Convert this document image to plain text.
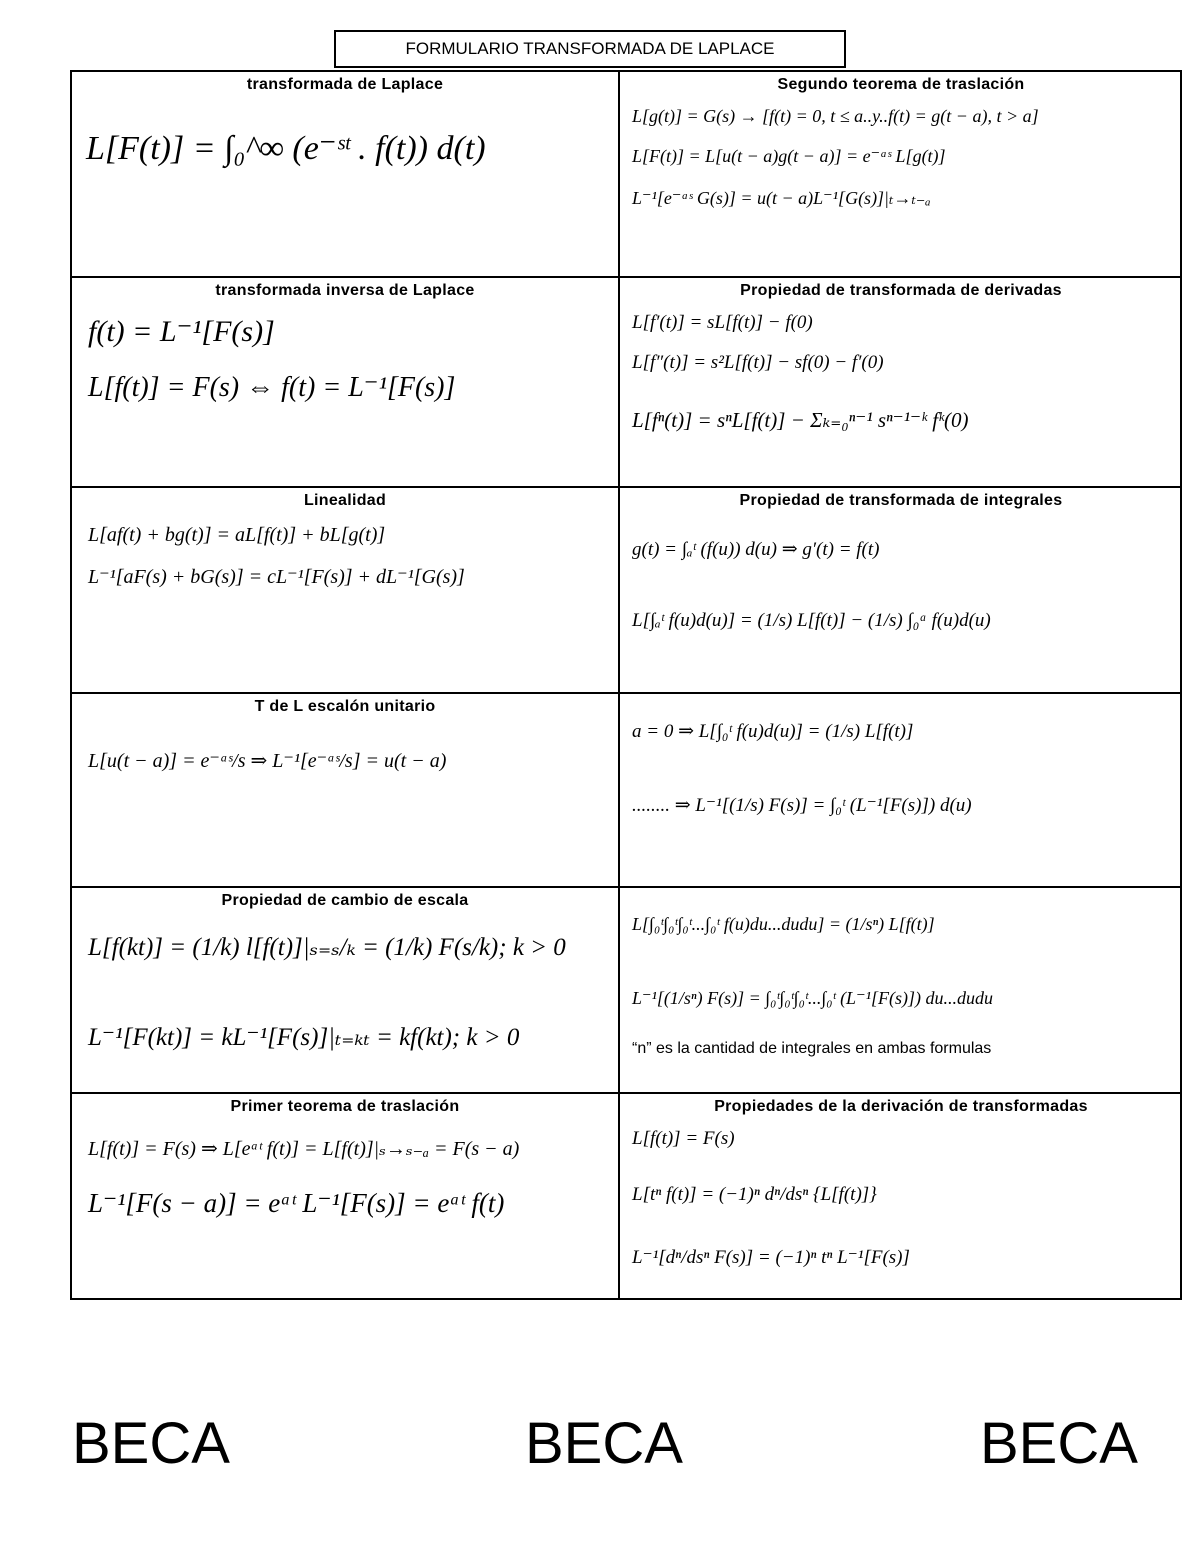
FORMULARIO TRANSFORMADA DE LAPLACE
transformada de Laplace
L[F(t)] = ∫₀^∞ (e⁻ˢᵗ . f(t)) d(t)
Segundo teorema de traslación
L[g(t)] = G(s) → [f(t) = 0, t ≤ a..y..f(t) = g(t − a), t > a]
L[F(t)] = L[u(t − a)g(t − a)] = e⁻ᵃˢ L[g(t)]
L⁻¹[e⁻ᵃˢ G(s)] = u(t − a)L⁻¹[G(s)]|ₜ→ₜ₋ₐ
transformada inversa de Laplace
f(t) = L⁻¹[F(s)]
L[f(t)] = F(s) ⇔ f(t) = L⁻¹[F(s)]
Propiedad de transformada de derivadas
L[f′(t)] = sL[f(t)] − f(0)
L[f″(t)] = s²L[f(t)] − sf(0) − f′(0)
L[fⁿ(t)] = sⁿL[f(t)] − Σₖ₌₀ⁿ⁻¹ sⁿ⁻¹⁻ᵏ fᵏ(0)
Linealidad
L[af(t) + bg(t)] = aL[f(t)] + bL[g(t)]
L⁻¹[aF(s) + bG(s)] = cL⁻¹[F(s)] + dL⁻¹[G(s)]
Propiedad de transformada de integrales
g(t) = ∫ₐᵗ (f(u)) d(u) ⇒ g′(t) = f(t)
L[∫ₐᵗ f(u)d(u)] = (1/s) L[f(t)] − (1/s) ∫₀ᵃ f(u)d(u)
T de L escalón unitario
L[u(t − a)] = e⁻ᵃˢ/s ⇒ L⁻¹[e⁻ᵃˢ/s] = u(t − a)
a = 0 ⇒ L[∫₀ᵗ f(u)d(u)] = (1/s) L[f(t)]
........ ⇒ L⁻¹[(1/s) F(s)] = ∫₀ᵗ (L⁻¹[F(s)]) d(u)
Propiedad de cambio de escala
L[f(kt)] = (1/k) l[f(t)]|ₛ₌ₛ/ₖ = (1/k) F(s/k); k > 0
L⁻¹[F(kt)] = kL⁻¹[F(s)]|ₜ₌ₖₜ = kf(kt); k > 0
L[∫₀ᵗ∫₀ᵗ∫₀ᵗ...∫₀ᵗ f(u)du...dudu] = (1/sⁿ) L[f(t)]
L⁻¹[(1/sⁿ) F(s)] = ∫₀ᵗ∫₀ᵗ∫₀ᵗ...∫₀ᵗ (L⁻¹[F(s)]) du...dudu
“n” es la cantidad de integrales en ambas formulas
Primer teorema de traslación
L[f(t)] = F(s) ⇒ L[eᵃᵗ f(t)] = L[f(t)]|ₛ→ₛ₋ₐ = F(s − a)
L⁻¹[F(s − a)] = eᵃᵗ L⁻¹[F(s)] = eᵃᵗ f(t)
Propiedades de la derivación de transformadas
L[f(t)] = F(s)
L[tⁿ f(t)] = (−1)ⁿ dⁿ/dsⁿ {L[f(t)]}
L⁻¹[dⁿ/dsⁿ F(s)] = (−1)ⁿ tⁿ L⁻¹[F(s)]
BECA	BECA	BECA
